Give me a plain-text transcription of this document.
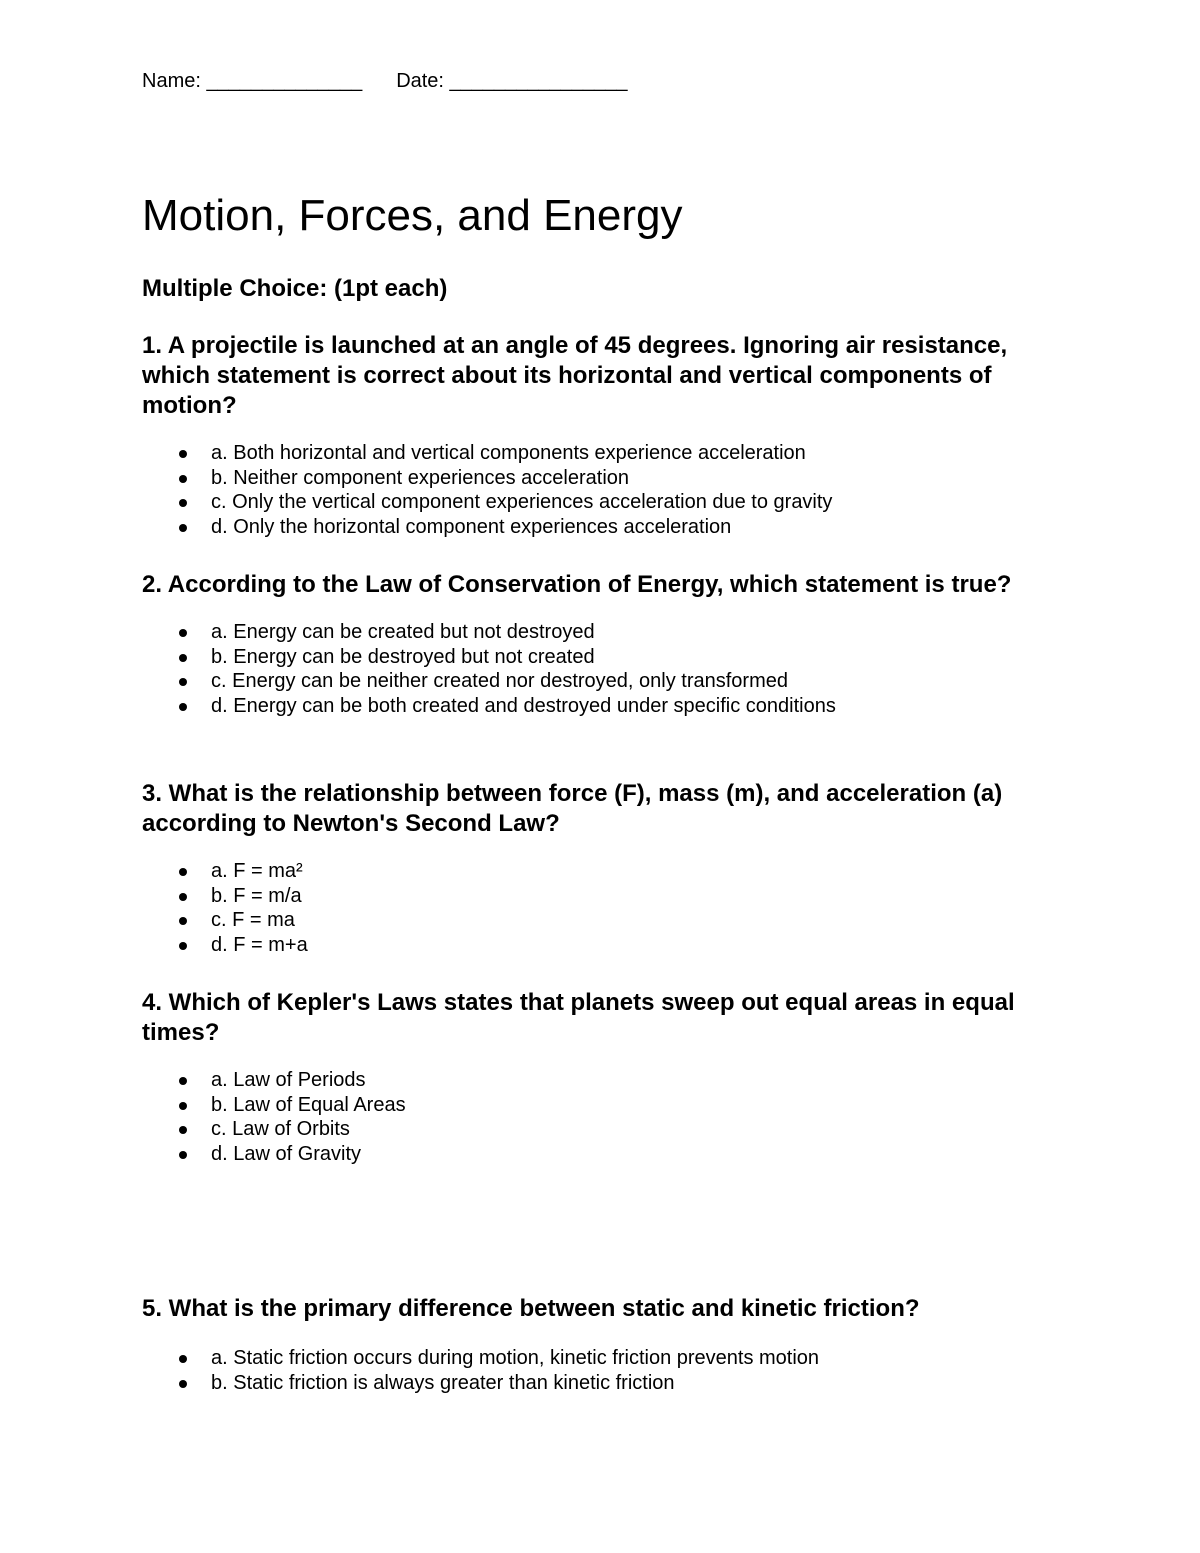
Name: ______________ Date: ________________
Motion, Forces, and Energy
Multiple Choice: (1pt each)

1. A projectile is launched at an angle of 45 degrees. Ignoring air resistance, which statement is correct about its horizontal and vertical components of motion?

a. Both horizontal and vertical components experience acceleration
b. Neither component experiences acceleration
c. Only the vertical component experiences acceleration due to gravity
d. Only the horizontal component experiences acceleration

2. According to the Law of Conservation of Energy, which statement is true?

a. Energy can be created but not destroyed
b. Energy can be destroyed but not created
c. Energy can be neither created nor destroyed, only transformed
d. Energy can be both created and destroyed under specific conditions

3. What is the relationship between force (F), mass (m), and acceleration (a) according to Newton's Second Law?

a. F = ma²
b. F = m/a
c. F = ma
d. F = m+a

4. Which of Kepler's Laws states that planets sweep out equal areas in equal times?

a. Law of Periods
b. Law of Equal Areas
c. Law of Orbits
d. Law of Gravity

5. What is the primary difference between static and kinetic friction?

a. Static friction occurs during motion, kinetic friction prevents motion
b. Static friction is always greater than kinetic friction
